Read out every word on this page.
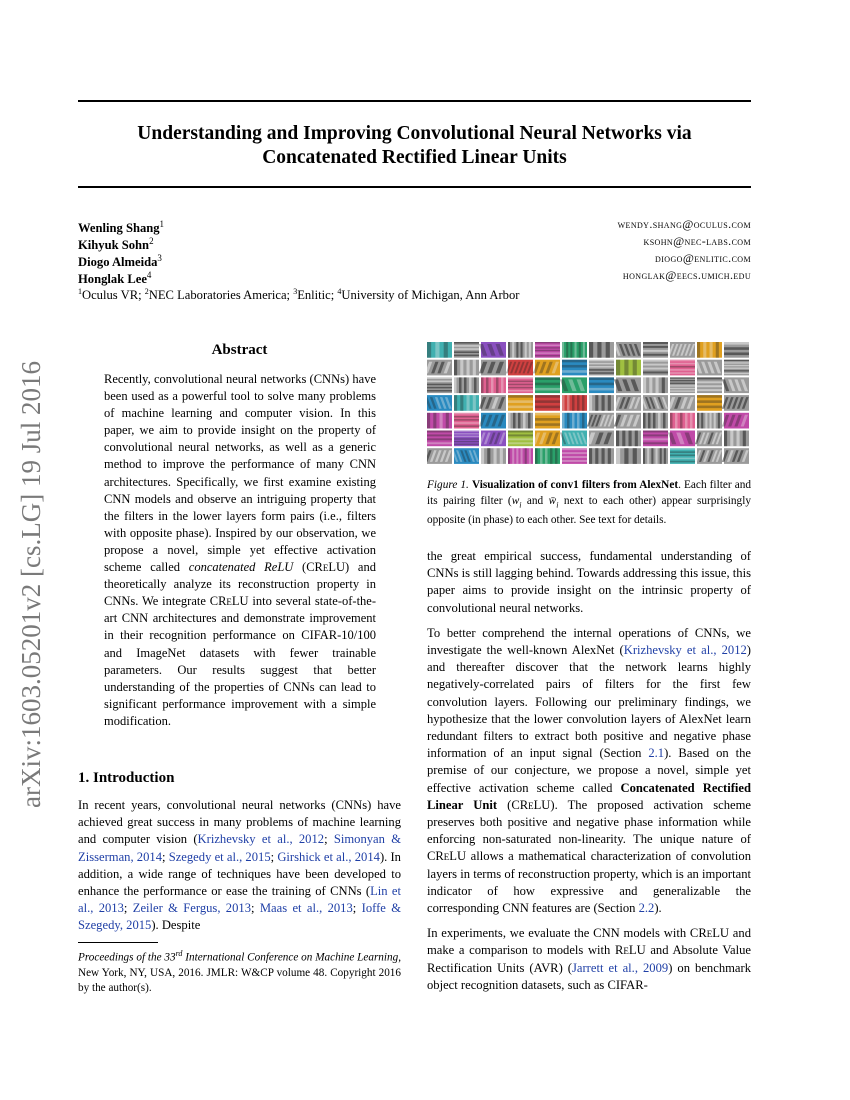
arXiv:1603.05201v2 [cs.LG] 19 Jul 2016
Understanding and Improving Convolutional Neural Networks via
Concatenated Rectified Linear Units
Wenling Shang$^1$	wendy.shang@oculus.com
Kihyuk Sohn$^2$	ksohn@nec-labs.com
Diogo Almeida$^3$	diogo@enlitic.com
Honglak Lee$^4$	honglak@eecs.umich.edu
$^1$Oculus VR; $^2$NEC Laboratories America; $^3$Enlitic; $^4$University of Michigan, Ann Arbor
Abstract
Recently, convolutional neural networks (CNNs) have been used as a powerful tool to solve many problems of machine learning and computer vision. In this paper, we aim to provide insight on the property of convolutional neural networks, as well as a generic method to improve the performance of many CNN architectures. Specifically, we first examine existing CNN models and observe an intriguing property that the filters in the lower layers form pairs (i.e., filters with opposite phase). Inspired by our observation, we propose a novel, simple yet effective activation scheme called concatenated ReLU (CReLU) and theoretically analyze its reconstruction property in CNNs. We integrate CReLU into several state-of-the-art CNN architectures and demonstrate improvement in their recognition performance on CIFAR-10/100 and ImageNet datasets with fewer trainable parameters. Our results suggest that better understanding of the properties of CNNs can lead to significant performance improvement with a simple modification.
1. Introduction
In recent years, convolutional neural networks (CNNs) have achieved great success in many problems of machine learning and computer vision (Krizhevsky et al., 2012; Simonyan & Zisserman, 2014; Szegedy et al., 2015; Girshick et al., 2014). In addition, a wide range of techniques have been developed to enhance the performance or ease the training of CNNs (Lin et al., 2013; Zeiler & Fergus, 2013; Maas et al., 2013; Ioffe & Szegedy, 2015). Despite
Proceedings of the 33rd International Conference on Machine Learning, New York, NY, USA, 2016. JMLR: W&CP volume 48. Copyright 2016 by the author(s).
Figure 1. Visualization of conv1 filters from AlexNet. Each filter and its pairing filter ($w_i$ and $w̄_i$ next to each other) appear surprisingly opposite (in phase) to each other. See text for details.

the great empirical success, fundamental understanding of CNNs is still lagging behind. Towards addressing this issue, this paper aims to provide insight on the intrinsic property of convolutional neural networks.

To better comprehend the internal operations of CNNs, we investigate the well-known AlexNet (Krizhevsky et al., 2012) and thereafter discover that the network learns highly negatively-correlated pairs of filters for the first few convolution layers. Following our preliminary findings, we hypothesize that the lower convolution layers of AlexNet learn redundant filters to extract both positive and negative phase information of an input signal (Section 2.1). Based on the premise of our conjecture, we propose a novel, simple yet effective activation scheme called Concatenated Rectified Linear Unit (CReLU). The proposed activation scheme preserves both positive and negative phase information while enforcing non-saturated non-linearity. The unique nature of CReLU allows a mathematical characterization of convolution layers in terms of reconstruction property, which is an important indicator of how expressive and generalizable the corresponding CNN features are (Section 2.2).

In experiments, we evaluate the CNN models with CReLU and make a comparison to models with ReLU and Absolute Value Rectification Units (AVR) (Jarrett et al., 2009) on benchmark object recognition datasets, such as CIFAR-
